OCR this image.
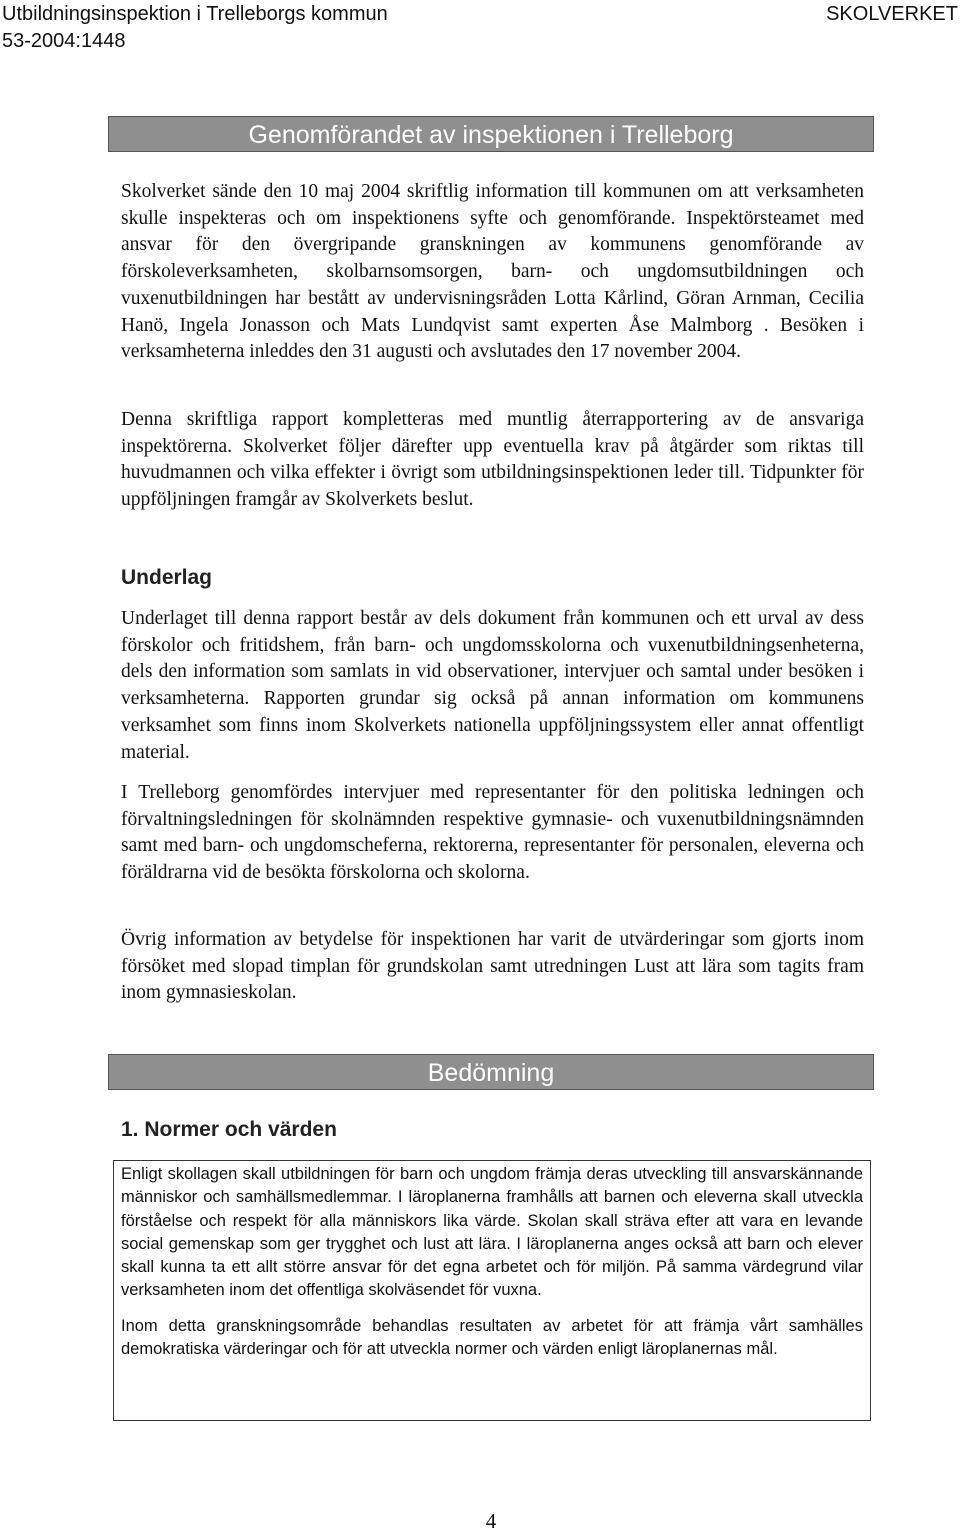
Utbildningsinspektion i Trelleborgs kommun
53-2004:1448
SKOLVERKET
Genomförandet av inspektionen i Trelleborg

Skolverket sände den 10 maj 2004 skriftlig information till kommunen om att verksamheten skulle inspekteras och om inspektionens syfte och genomförande. Inspektörsteamet med ansvar för den övergripande granskningen av kommunens genomförande av förskoleverksamheten, skolbarnsomsorgen, barn- och ungdomsutbildningen och vuxenutbildningen har bestått av undervisningsråden Lotta Kårlind, Göran Arnman, Cecilia Hanö, Ingela Jonasson och Mats Lundqvist samt experten Åse Malmborg . Besöken i verksamheterna inleddes den 31 augusti och avslutades den 17 november 2004.

Denna skriftliga rapport kompletteras med muntlig återrapportering av de ansvariga inspektörerna. Skolverket följer därefter upp eventuella krav på åtgärder som riktas till huvudmannen och vilka effekter i övrigt som utbildningsinspektionen leder till. Tidpunkter för uppföljningen framgår av Skolverkets beslut.

Underlag

Underlaget till denna rapport består av dels dokument från kommunen och ett urval av dess förskolor och fritidshem, från barn- och ungdomsskolorna och vuxenutbildningsenheterna, dels den information som samlats in vid observationer, intervjuer och samtal under besöken i verksamheterna. Rapporten grundar sig också på annan information om kommunens verksamhet som finns inom Skolverkets nationella uppföljningssystem eller annat offentligt material.

I Trelleborg genomfördes intervjuer med representanter för den politiska ledningen och förvaltningsledningen för skolnämnden respektive gymnasie- och vuxenutbildningsnämnden samt med barn- och ungdomscheferna, rektorerna, representanter för personalen, eleverna och föräldrarna vid de besökta förskolorna och skolorna.

Övrig information av betydelse för inspektionen har varit de utvärderingar som gjorts inom försöket med slopad timplan för grundskolan samt utredningen Lust att lära som tagits fram inom gymnasieskolan.

Bedömning
1. Normer och värden

Enligt skollagen skall utbildningen för barn och ungdom främja deras utveckling till ansvarskännande människor och samhällsmedlemmar. I läroplanerna framhålls att barnen och eleverna skall utveckla förståelse och respekt för alla människors lika värde. Skolan skall sträva efter att vara en levande social gemenskap som ger trygghet och lust att lära. I läroplanerna anges också att barn och elever skall kunna ta ett allt större ansvar för det egna arbetet och för miljön. På samma värdegrund vilar verksamheten inom det offentliga skolväsendet för vuxna.

Inom detta granskningsområde behandlas resultaten av arbetet för att främja vårt samhälles demokratiska värderingar och för att utveckla normer och värden enligt läroplanernas mål.

4
